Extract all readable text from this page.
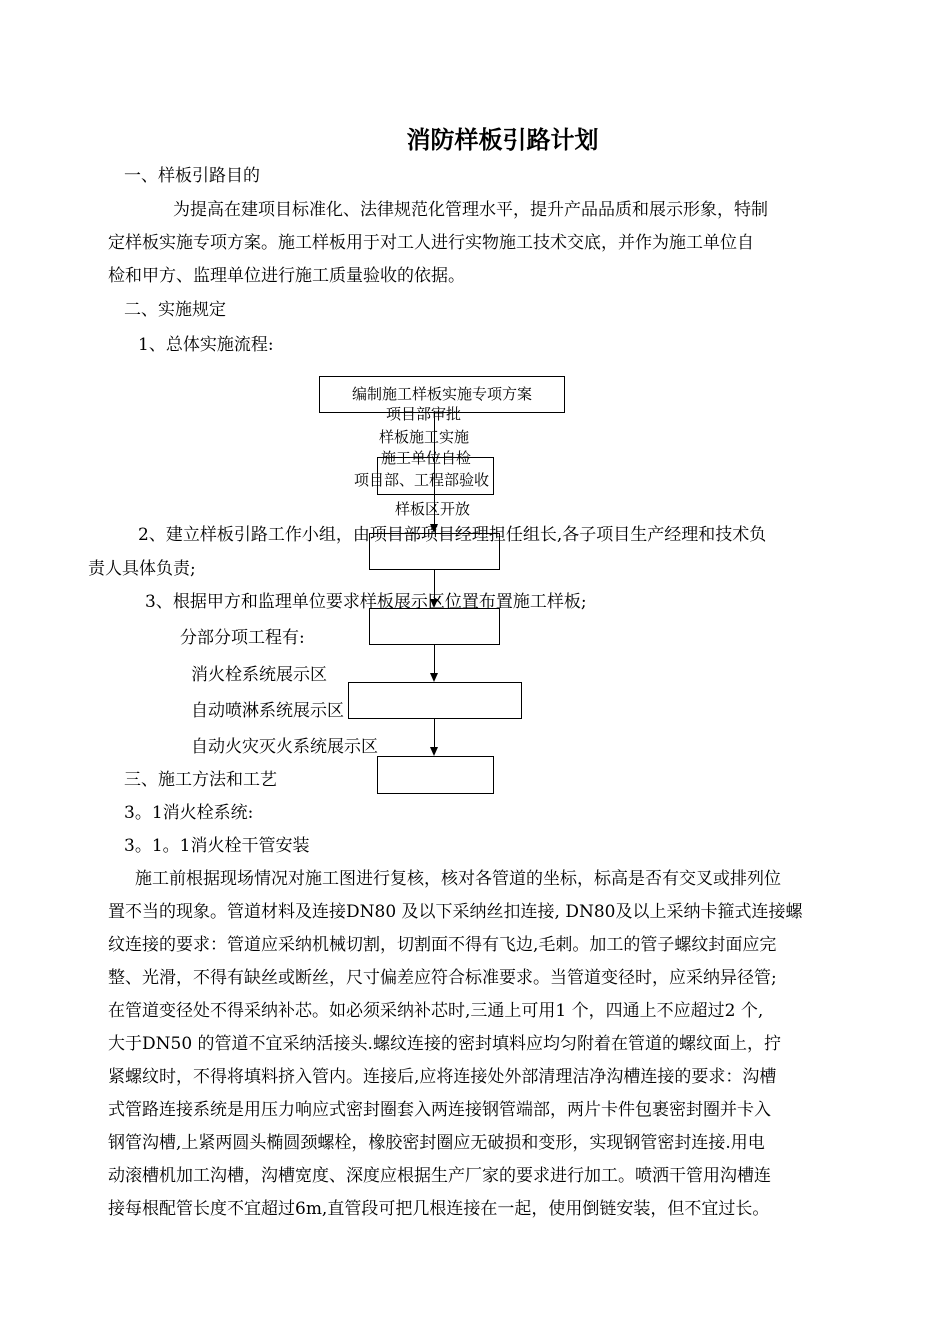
消防样板引路计划
一、样板引路目的

为提高在建项目标准化、法律规范化管理水平，提升产品品质和展示形象，特制

定样板实施专项方案。施工样板用于对工人进行实物施工技术交底，并作为施工单位自

检和甲方、监理单位进行施工质量验收的依据。

二、实施规定
1、总体实施流程:
编制施工样板实施专项方案
项目部审批
样板施工实施
施工单位自检
项目部、工程部验收
样板区开放
2、建立样板引路工作小组，由项目部项目经理担任组长,各子项目生产经理和技术负
责人具体负责;
3、根据甲方和监理单位要求样板展示区位置布置施工样板;
分部分项工程有:
消火栓系统展示区
自动喷淋系统展示区
自动火灾灭火系统展示区
三、施工方法和工艺
3。1消火栓系统:
3。1。1消火栓干管安装

施工前根据现场情况对施工图进行复核，核对各管道的坐标，标高是否有交叉或排列位

置不当的现象。管道材料及连接DN80 及以下采纳丝扣连接, DN80及以上采纳卡箍式连接螺

纹连接的要求：管道应采纳机械切割，切割面不得有飞边,毛刺。加工的管子螺纹封面应完

整、光滑，不得有缺丝或断丝，尺寸偏差应符合标准要求。当管道变径时，应采纳异径管;

在管道变径处不得采纳补芯。如必须采纳补芯时,三通上可用1 个，四通上不应超过2 个,

大于DN50 的管道不宜采纳活接头.螺纹连接的密封填料应均匀附着在管道的螺纹面上，拧

紧螺纹时，不得将填料挤入管内。连接后,应将连接处外部清理洁净沟槽连接的要求：沟槽

式管路连接系统是用压力响应式密封圈套入两连接钢管端部，两片卡件包裹密封圈并卡入

钢管沟槽,上紧两圆头椭圆颈螺栓，橡胶密封圈应无破损和变形，实现钢管密封连接.用电

动滚槽机加工沟槽，沟槽宽度、深度应根据生产厂家的要求进行加工。喷洒干管用沟槽连

接每根配管长度不宜超过6m,直管段可把几根连接在一起，使用倒链安装，但不宜过长。
